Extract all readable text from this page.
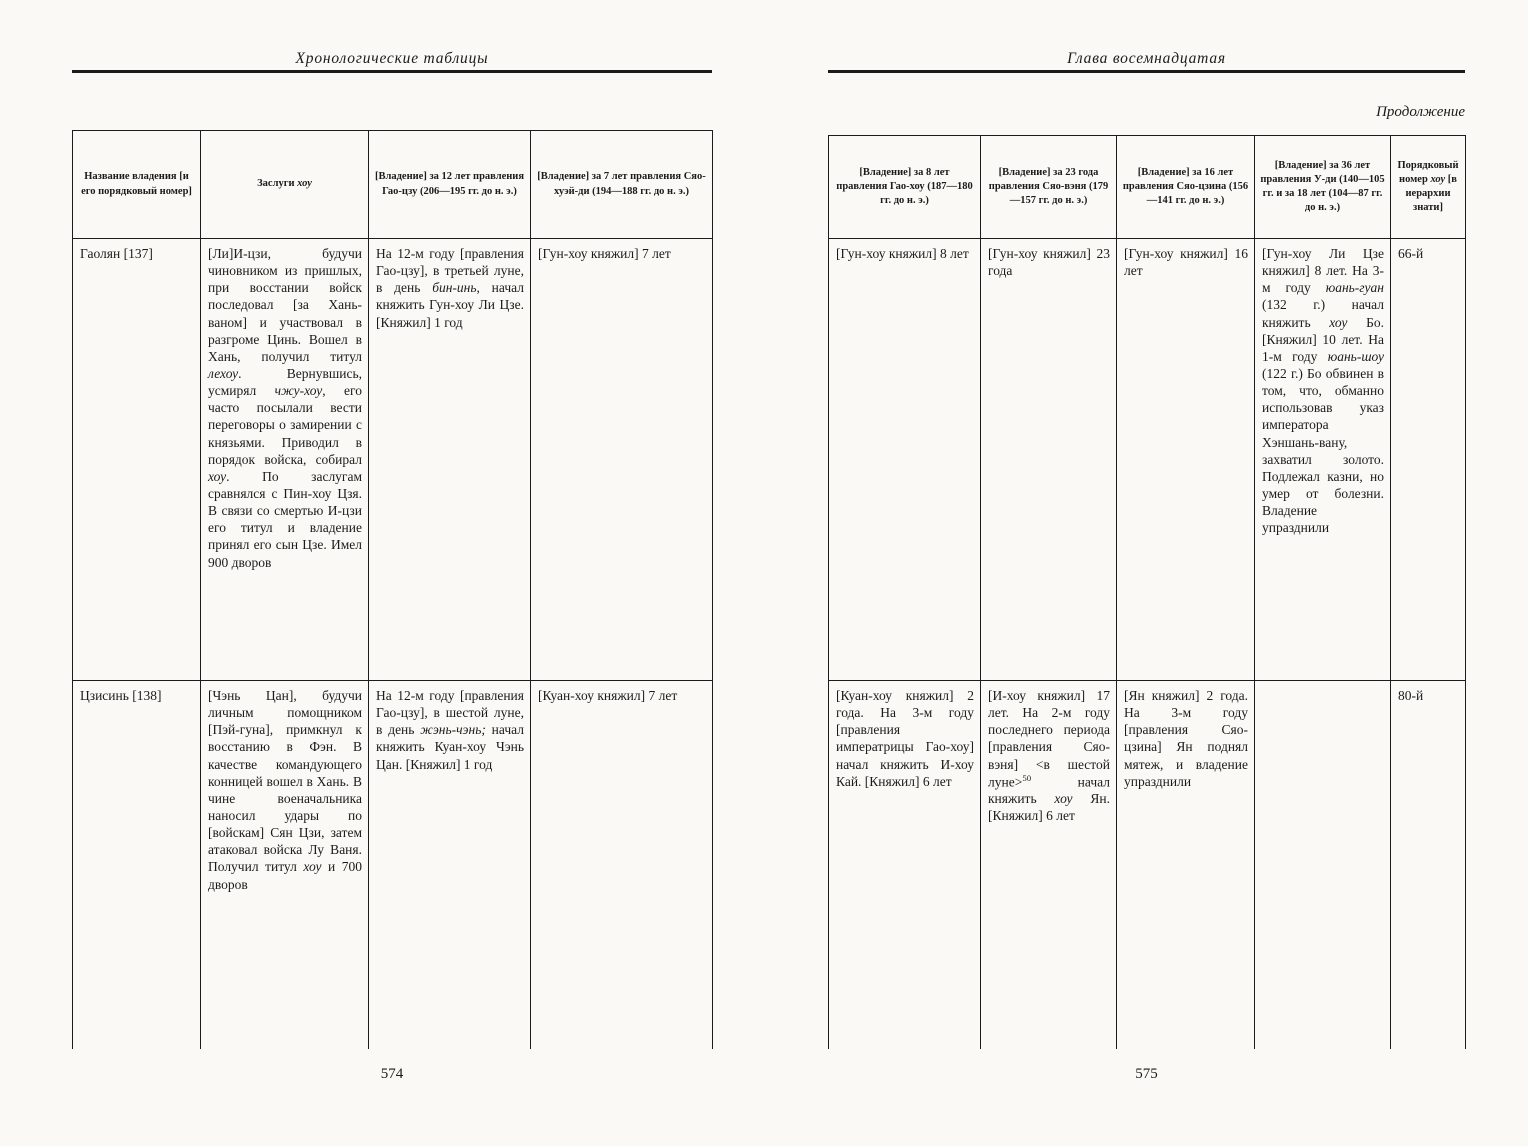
Хронологические таблицы
Название владения [и его порядковый номер]	Заслуги хоу	[Владение] за 12 лет правления Гао-цзу (206—195 гг. до н. э.)	[Владение] за 7 лет правления Сяо-хуэй-ди (194—188 гг. до н. э.)
Гаолян [137]	[Ли]И-цзи, будучи чиновником из пришлых, при восстании войск последовал [за Хань-ваном] и участвовал в разгроме Цинь. Вошел в Хань, получил титул лехоу. Вернувшись, усмирял чжу-хоу, его часто посылали вести переговоры о замирении с князьями. Приводил в порядок войска, собирал хоу. По заслугам сравнялся с Пин-хоу Цзя. В связи со смертью И-цзи его титул и владение принял его сын Цзе. Имел 900 дворов	На 12-м году [правления Гао-цзу], в третьей луне, в день бин-инь, начал княжить Гун-хоу Ли Цзе. [Княжил] 1 год	[Гун-хоу княжил] 7 лет
Цзисинь [138]	[Чэнь Цан], будучи личным помощником [Пэй-гуна], примкнул к восстанию в Фэн. В качестве командующего конницей вошел в Хань. В чине военачальника наносил удары по [войскам] Сян Цзи, затем атаковал войска Лу Ваня. Получил титул хоу и 700 дворов	На 12-м году [правления Гао-цзу], в шестой луне, в день жэнь-чэнь; начал княжить Куан-хоу Чэнь Цан. [Княжил] 1 год	[Куан-хоу княжил] 7 лет
574
Глава восемнадцатая
Продолжение
[Владение] за 8 лет правления Гао-хоу (187—180 гг. до н. э.)	[Владение] за 23 года правления Сяо-вэня (179—157 гг. до н. э.)	[Владение] за 16 лет правления Сяо-цзина (156—141 гг. до н. э.)	[Владение] за 36 лет правления У-ди (140—105 гг. и за 18 лет (104—87 гг. до н. э.)	Порядковый номер хоу [в иерархии знати]
[Гун-хоу княжил] 8 лет	[Гун-хоу княжил] 23 года	[Гун-хоу княжил] 16 лет	[Гун-хоу Ли Цзе княжил] 8 лет. На 3-м году юань-гуан (132 г.) начал княжить хоу Бо. [Княжил] 10 лет. На 1-м году юань-шоу (122 г.) Бо обвинен в том, что, обманно использовав указ императора Хэншань-вану, захватил золото. Подлежал казни, но умер от болезни. Владение упразднили	66-й
[Куан-хоу княжил] 2 года. На 3-м году [правления императрицы Гао-хоу] начал княжить И-хоу Кай. [Княжил] 6 лет	[И-хоу княжил] 17 лет. На 2-м году последнего периода [правления Сяо-вэня] <в шестой луне>$^{50}$ начал княжить хоу Ян. [Княжил] 6 лет	[Ян княжил] 2 года. На 3-м году [правления Сяо-цзина] Ян поднял мятеж, и владение упразднили		80-й
575
